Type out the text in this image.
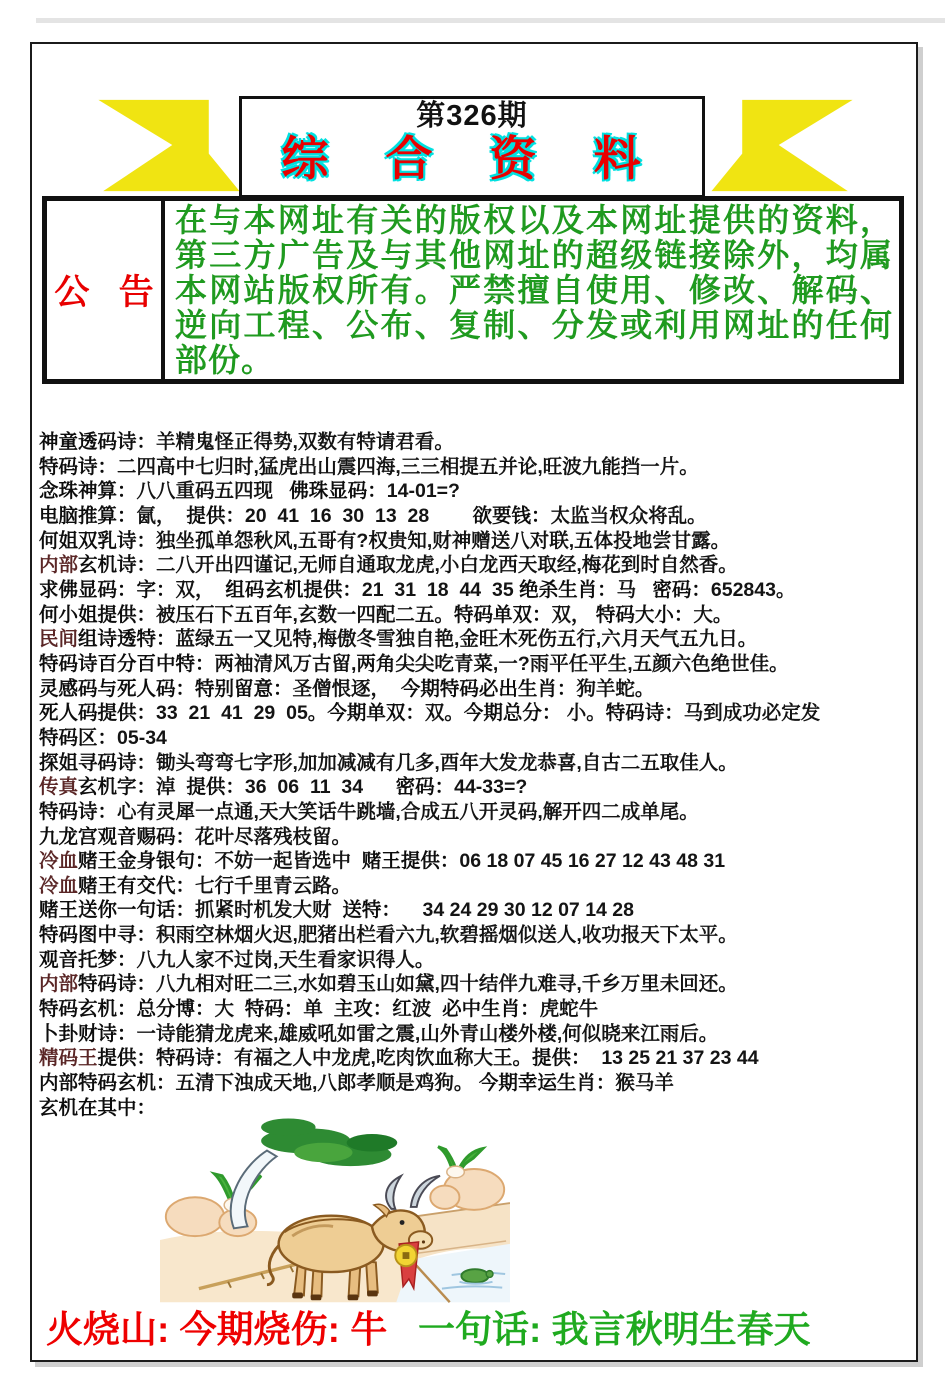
第326期
综 合 资 料
公   告
在与本网址有关的版权以及本网址提供的资料，第三方广告及与其他网址的超级链接除外，均属本网站版权所有。严禁擅自使用、修改、解码、逆向工程、公布、复制、分发或利用网址的任何部份。
神童透码诗：羊精鬼怪正得势,双数有特请君看。
特码诗：二四高中七归时,猛虎出山震四海,三三相提五并论,旺波九能挡一片。
念珠神算：八八重码五四现   佛珠显码：14-01=?
电脑推算：氤，  提供：20  41  16  30  13  28        欲要钱：太监当权众将乱。
何姐双乳诗：独坐孤单怨秋风,五哥有?权贵知,财神赠送八对联,五体投地尝甘露。
内部玄机诗：二八开出四谨记,无师自通取龙虎,小白龙西天取经,梅花到时自然香。
求佛显码：字：双，  组码玄机提供：21  31  18  44  35 绝杀生肖：马   密码：652843。
何小姐提供：被压石下五百年,玄数一四配二五。特码单双：双， 特码大小：大。
民间组诗透特：蓝绿五一又见特,梅傲冬雪独自艳,金旺木死伤五行,六月天气五九日。
特码诗百分百中特：两袖清风万古留,两角尖尖吃青菜,一?雨平任平生,五颜六色绝世佳。
灵感码与死人码：特别留意：圣僧恨逐，  今期特码必出生肖：狗羊蛇。
死人码提供：33  21  41  29  05。今期单双：双。今期总分： 小。特码诗：马到成功必定发
特码区：05-34
探姐寻码诗：锄头弯弯七字形,加加减减有几多,酉年大发龙恭喜,自古二五取佳人。
传真玄机字：淖  提供：36  06  11  34      密码：44-33=?
特码诗：心有灵犀一点通,天大笑话牛跳墙,合成五八开灵码,解开四二成单尾。
九龙宫观音赐码：花叶尽落残枝留。
冷血赌王金身银句：不妨一起皆选中  赌王提供：06 18 07 45 16 27 12 43 48 31
冷血赌王有交代：七行千里青云路。
赌王送你一句话：抓紧时机发大财  送特：    34 24 29 30 12 07 14 28
特码图中寻：积雨空林烟火迟,肥猪出栏看六九,软碧摇烟似送人,收功报天下太平。
观音托梦：八九人家不过岗,天生看家识得人。
内部特码诗：八九相对旺二三,水如碧玉山如黛,四十结伴九难寻,千乡万里未回还。
特码玄机：总分博：大  特码：单  主攻：红波  必中生肖：虎蛇牛
卜卦财诗：一诗能猜龙虎来,雄威吼如雷之震,山外青山楼外楼,何似晓来江雨后。
精码王提供：特码诗：有福之人中龙虎,吃肉饮血称大王。提供：  13 25 21 37 23 44
内部特码玄机：五清下浊成天地,八郎孝顺是鸡狗。 今期幸运生肖：猴马羊
玄机在其中：
火烧山: 今期烧伤: 牛 一句话: 我言秋明生春天
